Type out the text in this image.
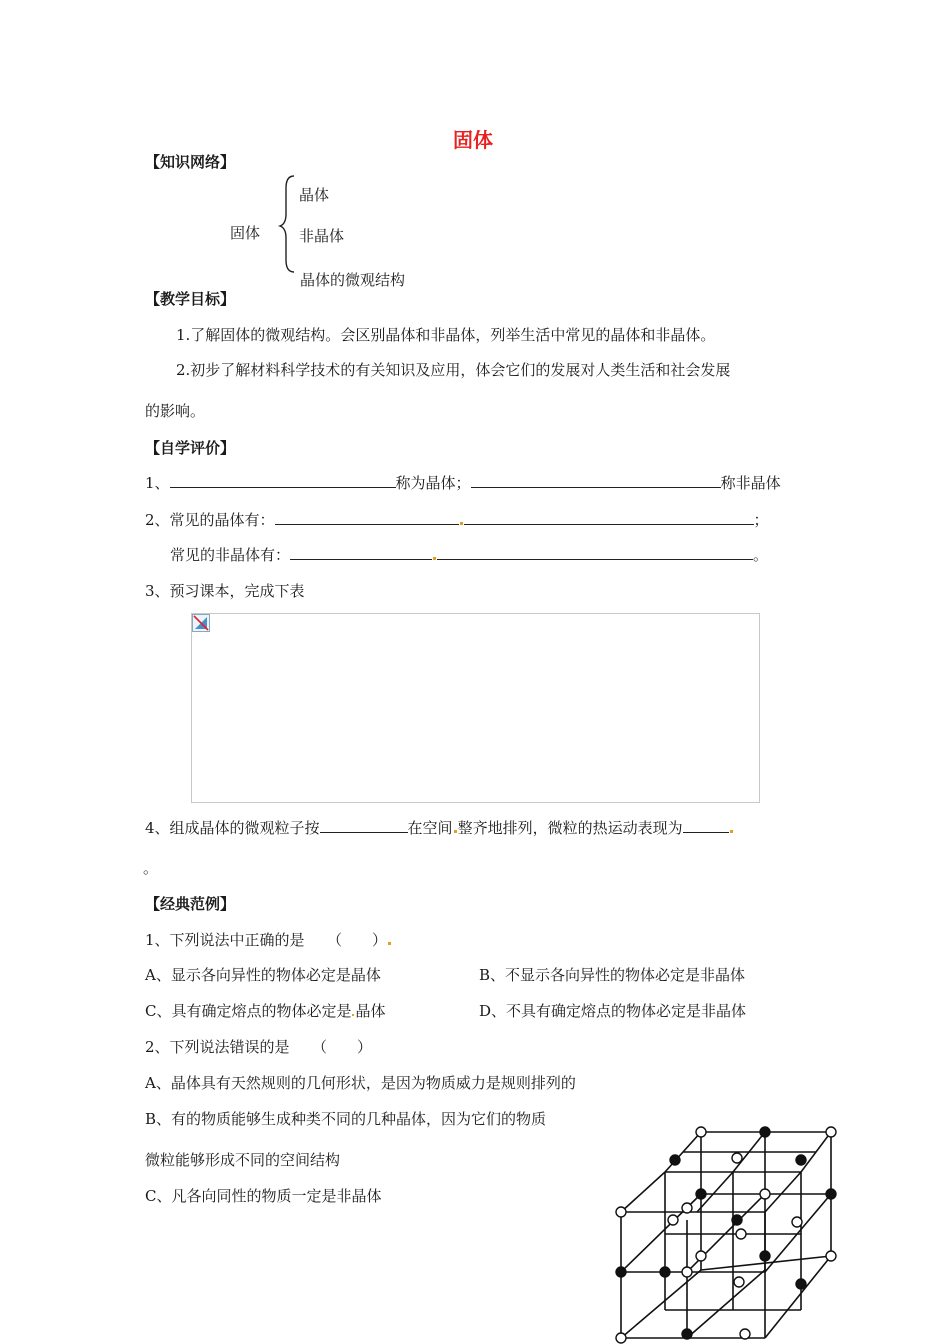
固体
【知识网络】
固体
晶体
非晶体
晶体的微观结构
【教学目标】
1.了解固体的微观结构。会区别晶体和非晶体，列举生活中常见的晶体和非晶体。
2.初步了解材料科学技术的有关知识及应用，体会它们的发展对人类生活和社会发展
的影响。
【自学评价】
1、	称为晶体；	称非晶体
2、常见的晶体有：	；
常见的非晶体有：	。
3、预习课本，完成下表
4、组成晶体的微观粒子按	在空间 整齐地排列，微粒的热运动表现为
。
【经典范例】
1、下列说法中正确的是　　（　　）
A、显示各向异性的物体必定是晶体	B、不显示各向异性的物体必定是非晶体
C、具有确定熔点的物体必定是 晶体	D、不具有确定熔点的物体必定是非晶体
2、下列说法错误的是　　（　　）
A、晶体具有天然规则的几何形状，是因为物质威力是规则排列的
B、有的物质能够生成种类不同的几种晶体，因为它们的物质
微粒能够形成不同的空间结构
C、凡各向同性的物质一定是非晶体
